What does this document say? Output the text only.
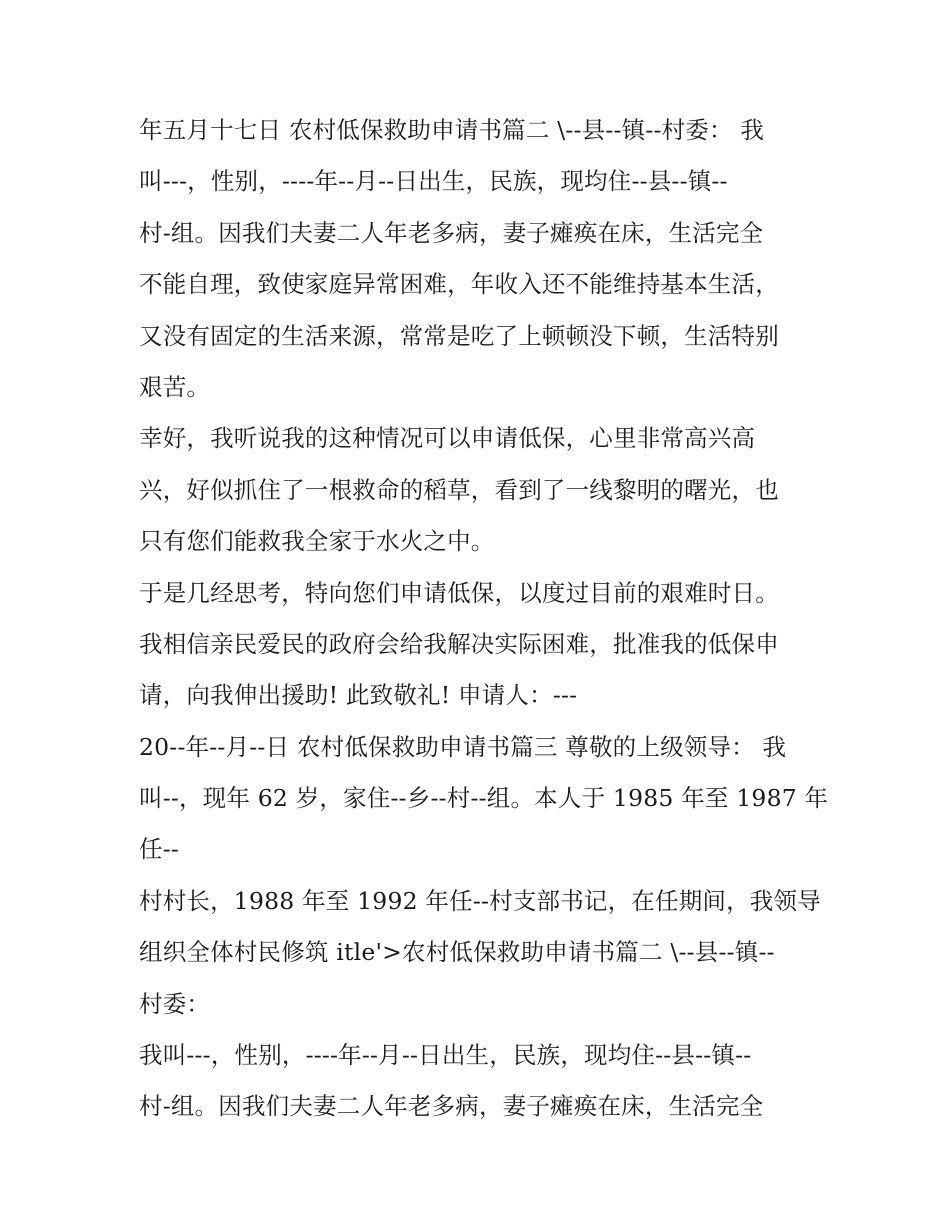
年五月十七日 农村低保救助申请书篇二 \--县--镇--村委： 我
叫---，性别，----年--月--日出生，民族，现均住--县--镇--
村-组。因我们夫妻二人年老多病，妻子瘫痪在床，生活完全
不能自理，致使家庭异常困难，年收入还不能维持基本生活，
又没有固定的生活来源，常常是吃了上顿顿没下顿，生活特别
艰苦。
幸好，我听说我的这种情况可以申请低保，心里非常高兴高
兴，好似抓住了一根救命的稻草，看到了一线黎明的曙光，也
只有您们能救我全家于水火之中。
于是几经思考，特向您们申请低保，以度过目前的艰难时日。
我相信亲民爱民的政府会给我解决实际困难，批准我的低保申
请，向我伸出援助! 此致敬礼! 申请人：---
20--年--月--日 农村低保救助申请书篇三 尊敬的上级领导： 我
叫--，现年 62 岁，家住--乡--村--组。本人于 1985 年至 1987 年
任--
村村长，1988 年至 1992 年任--村支部书记，在任期间，我领导
组织全体村民修筑 itle'>农村低保救助申请书篇二 \--县--镇--
村委：
我叫---，性别，----年--月--日出生，民族，现均住--县--镇--
村-组。因我们夫妻二人年老多病，妻子瘫痪在床，生活完全
